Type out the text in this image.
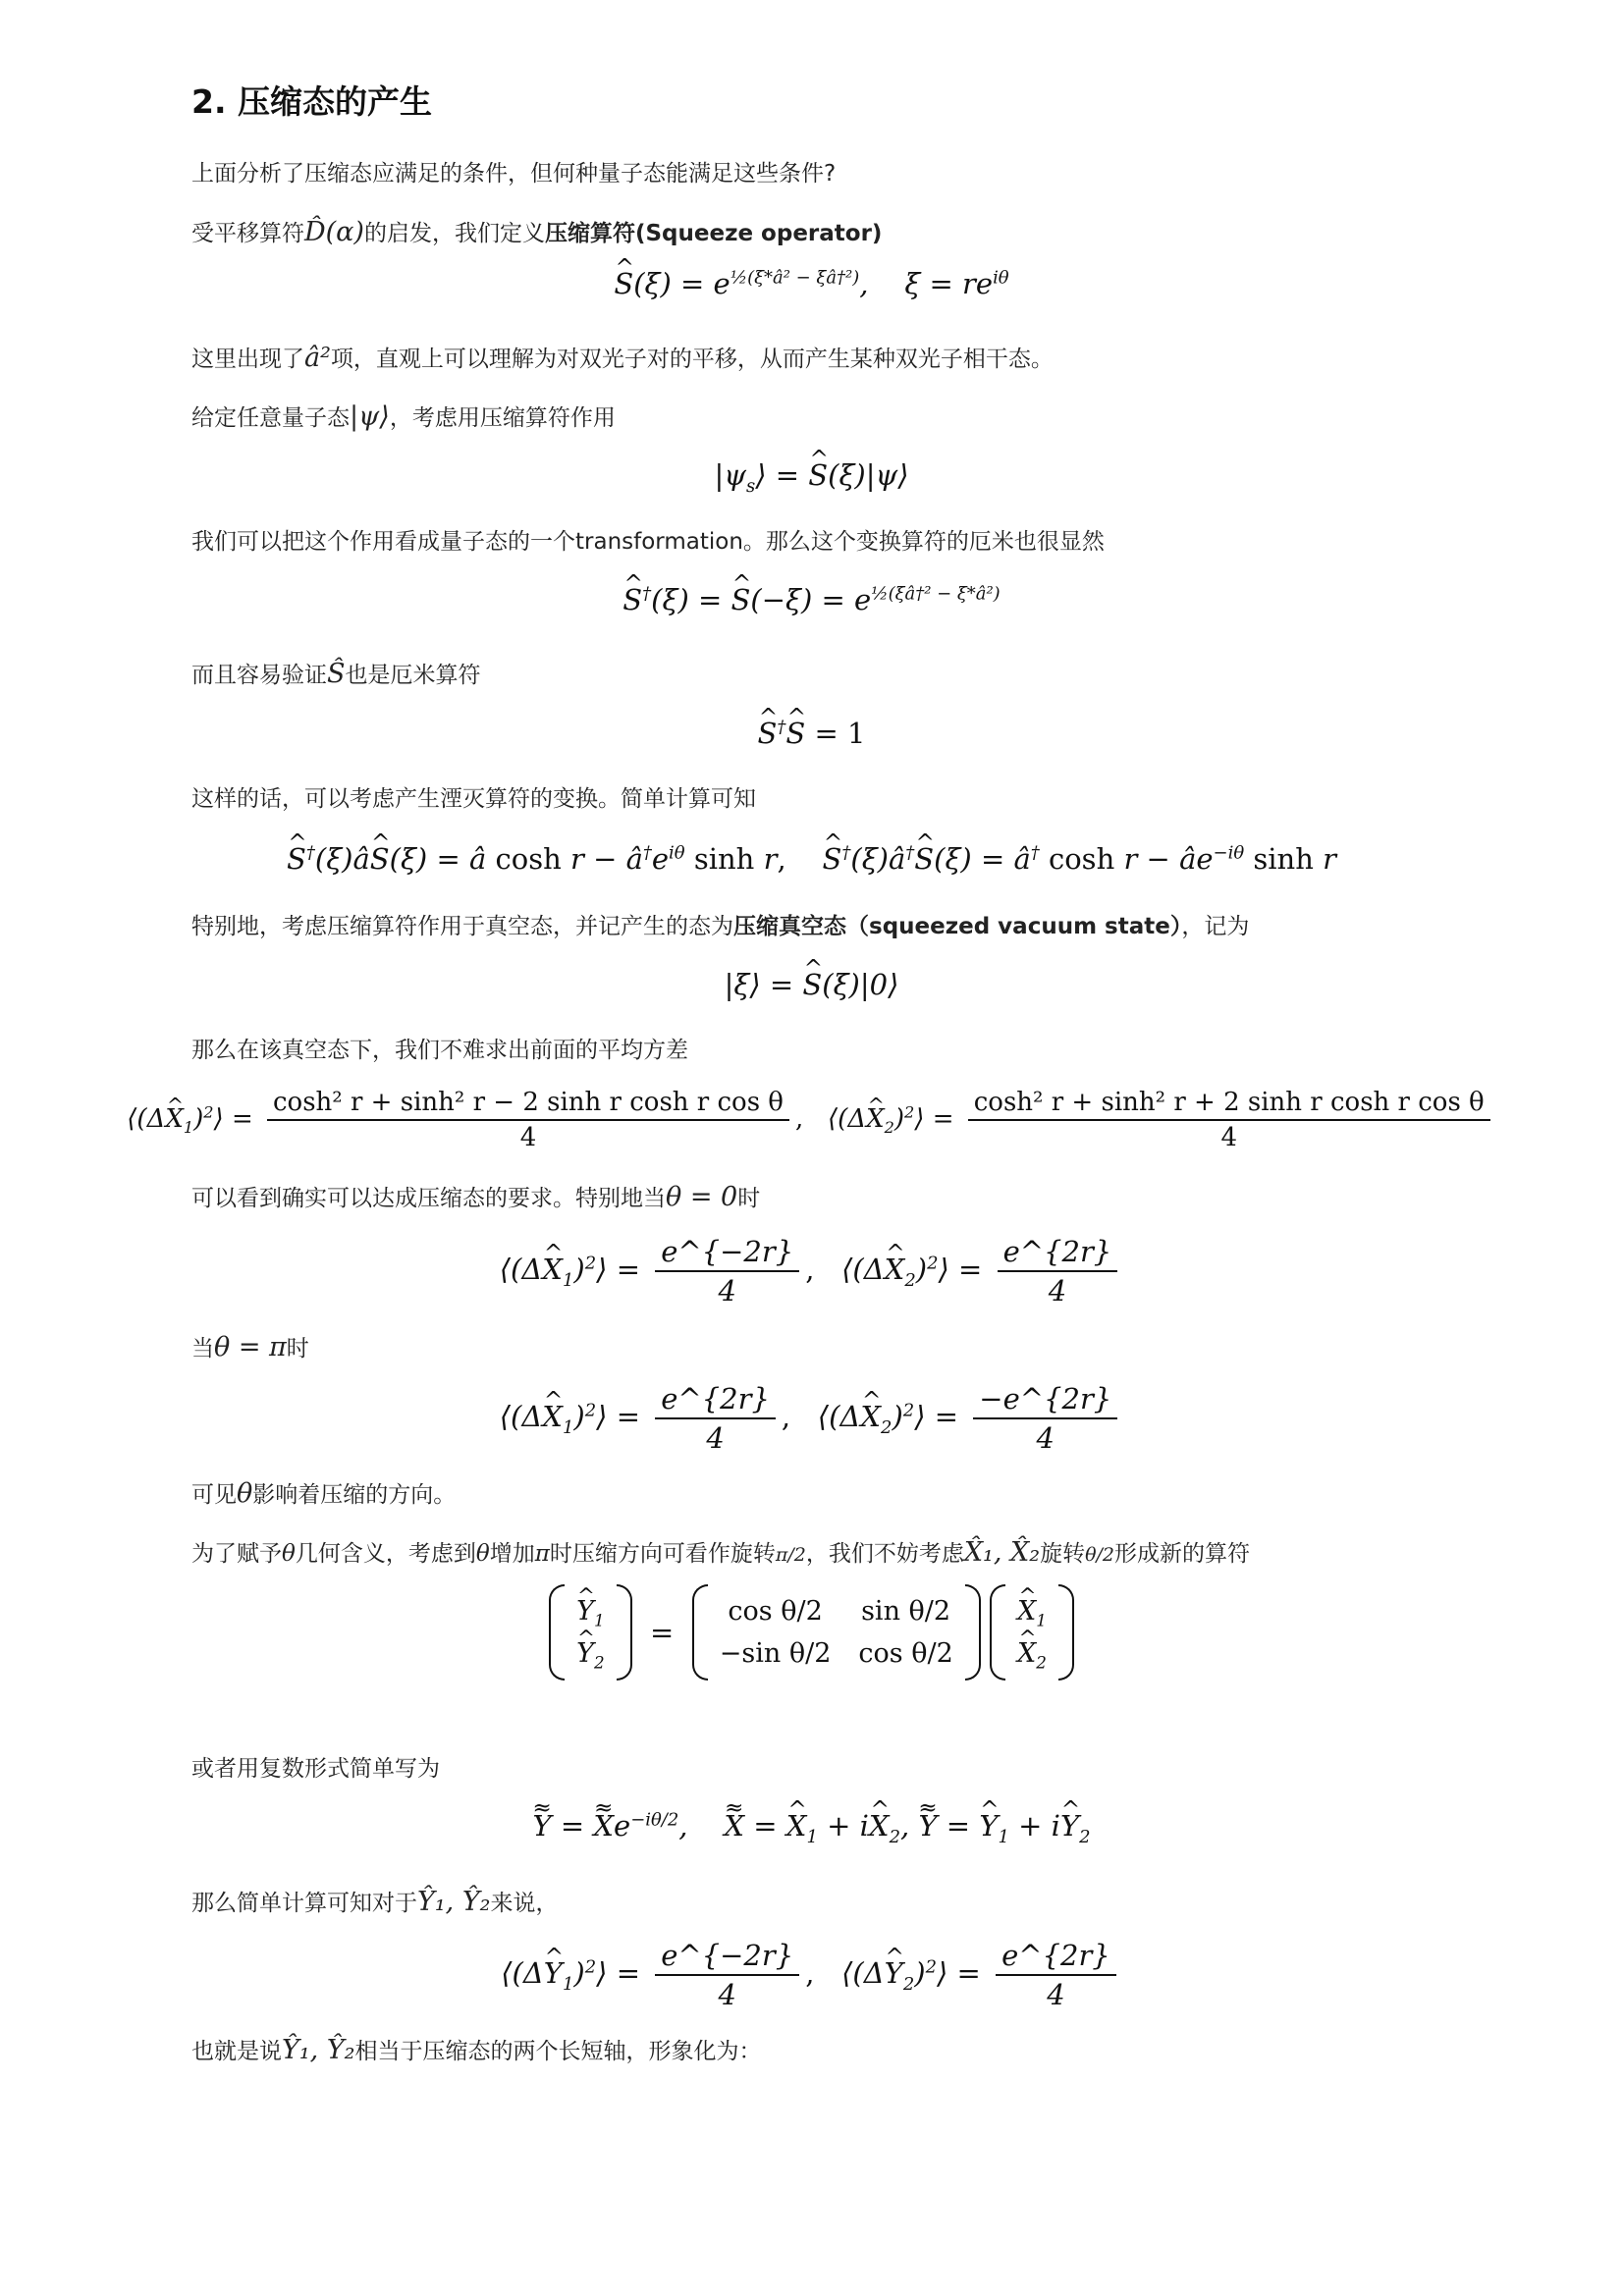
2. 压缩态的产生
上面分析了压缩态应满足的条件，但何种量子态能满足这些条件?
受平移算符D̂(α)的启发，我们定义压缩算符(Squeeze operator)
^ $S(\xi) = e^{\frac{1}{2}(\xi*â^2 - \xi â\dagger^2)}$,    $\xi = re^{i\theta}$
这里出现了â²项，直观上可以理解为对双光子对的平移，从而产生某种双光子相干态。
给定任意量子态|ψ⟩，考虑用压缩算符作用
$|\psi_s⟩$ = ^ S(ξ)|ψ⟩
我们可以把这个作用看成量子态的一个transformation。那么这个变换算符的厄米也很显然
^ S†(ξ) = ^ $S(-\xi) = e^{\frac{1}{2}(\xi â\dagger^2 - \xi*â^2)}$
而且容易验证Ŝ也是厄米算符
^ S†^ S = 1
这样的话，可以考虑产生湮灭算符的变换。简单计算可知
^ S†(ξ)â^ S(ξ) = â $\cosh r - â^\dagger e^{i\theta}$ sinh r,    ^ S†(ξ)â†^ S(ξ) = â† $\cosh r - âe^{-i\theta}$ sinh r
特别地，考虑压缩算符作用于真空态，并记产生的态为压缩真空态（squeezed vacuum state），记为
|ξ⟩ = ^ S(ξ)|0⟩
那么在该真空态下，我们不难求出前面的平均方差
⟨(Δ^ $X_1)^2⟩ = \frac{\text{cosh² r + sinh² r − 2 sinh r cosh r cos θ}}{4}$ ,   ⟨(Δ^ $X_2)^2⟩ = \frac{\text{cosh² r + sinh² r + 2 sinh r cosh r cos θ}}{4}$
可以看到确实可以达成压缩态的要求。特别地当θ = 0时
⟨(Δ^ $X_1)^2⟩ = \frac{e\^{}\{-2r\}}{4}$ ,   ⟨(Δ^ $X_2)^2⟩ = \frac{e\^{}\{2r\}}{4}$
当θ = π时
⟨(Δ^ $X_1)^2⟩ = \frac{e\^{}\{2r\}}{4}$ ,   ⟨(Δ^ $X_2)^2⟩ = \frac{-e\^{}\{2r\}}{4}$
可见θ影响着压缩的方向。
为了赋予θ几何含义，考虑到θ增加π时压缩方向可看作旋转π/2，我们不妨考虑X̂₁, X̂₂旋转θ/2形成新的算符
^ $Y_1$
^ $Y_2$
=
cos θ/2	sin θ/2
−sin θ/2	cos θ/2

^ $X_1$
^ $X_2$
或者用复数形式简单写为
~ Y ~ = ~ X $\sim e^{-i\theta/2}$,    ~ X ~ = ^ $X_1$ + i^ $X_2$, ~ Y ~ = ^ $Y_1$ + i^ $Y_2$
那么简单计算可知对于Ŷ₁, Ŷ₂来说，
⟨(Δ^ $Y_1)^2⟩ = \frac{e\^{}\{-2r\}}{4}$ ,   ⟨(Δ^ $Y_2)^2⟩ = \frac{e\^{}\{2r\}}{4}$
也就是说Ŷ₁, Ŷ₂相当于压缩态的两个长短轴，形象化为：
